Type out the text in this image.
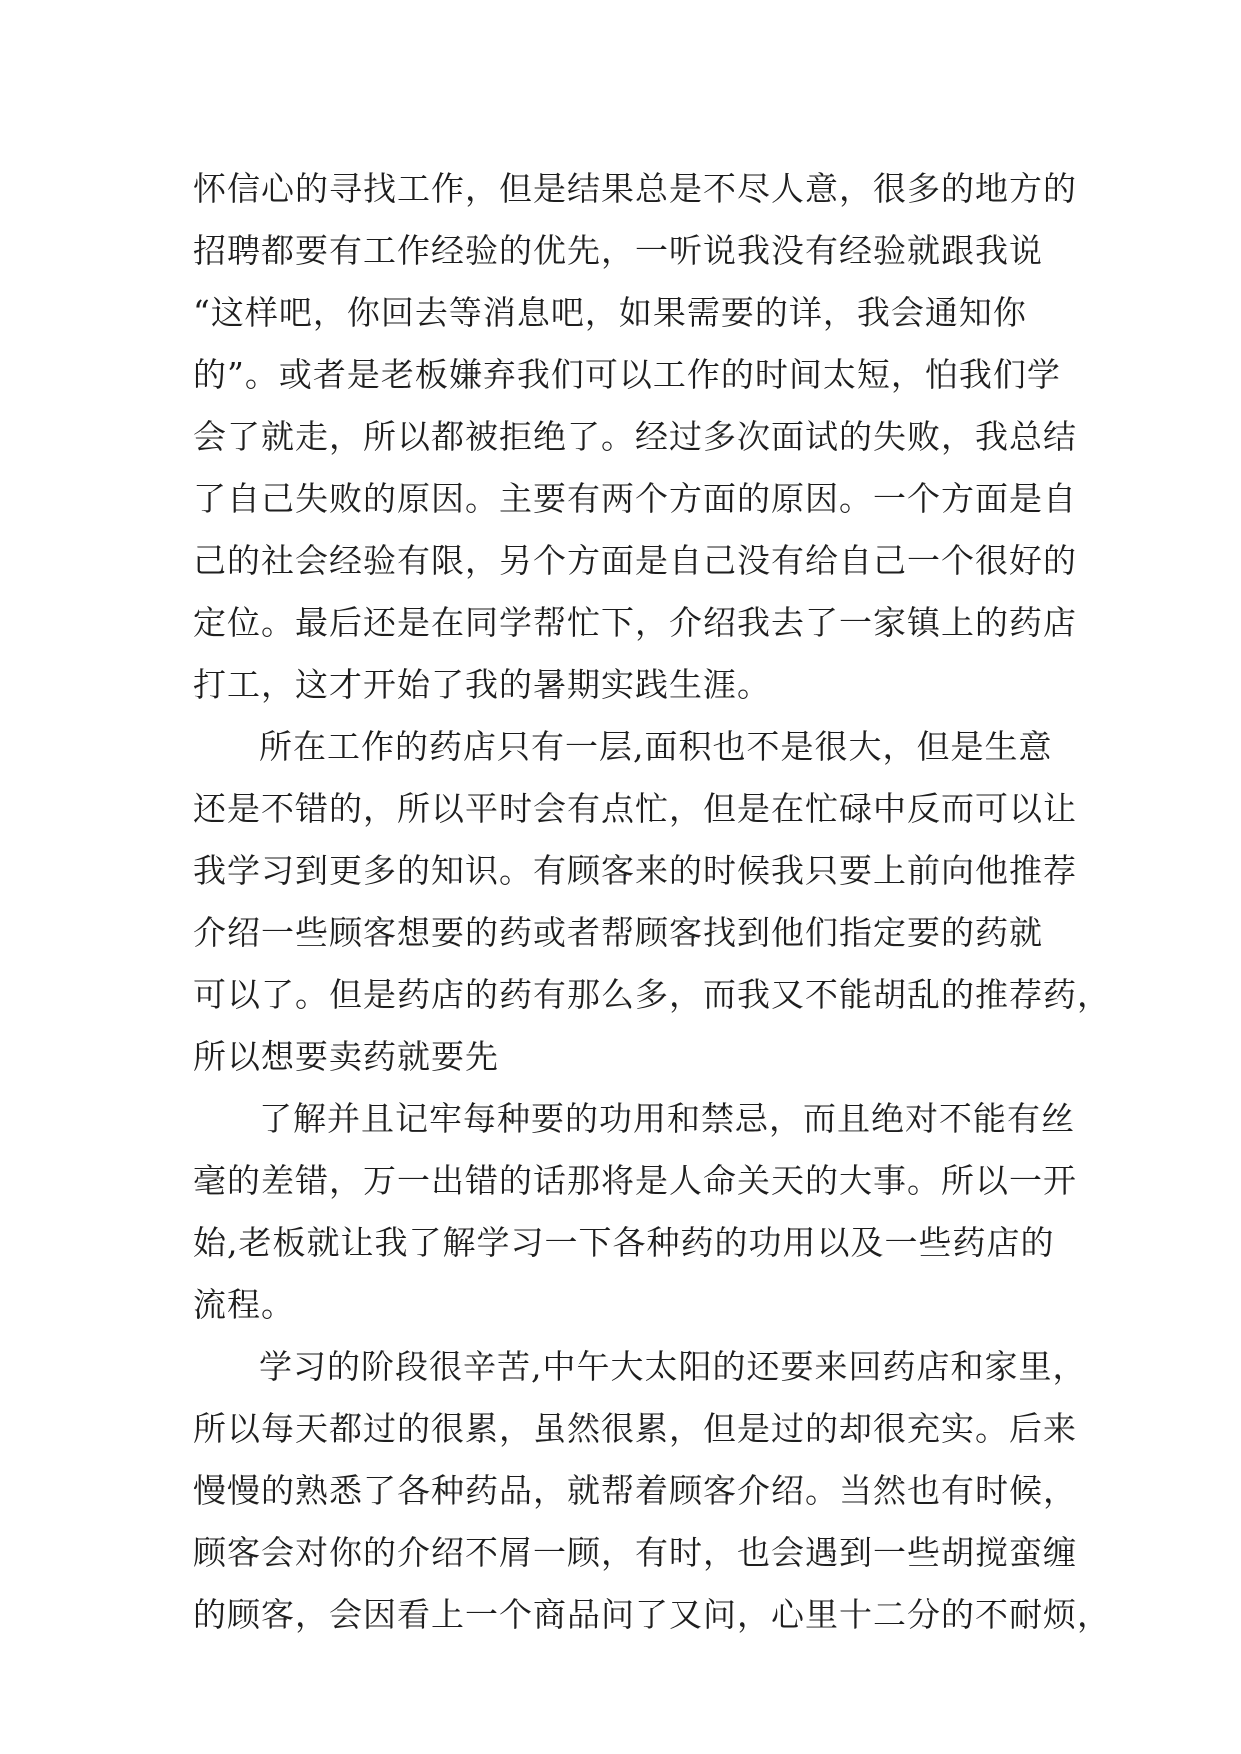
怀信心的寻找工作，但是结果总是不尽人意，很多的地方的
招聘都要有工作经验的优先，一听说我没有经验就跟我说
“这样吧，你回去等消息吧，如果需要的详，我会通知你
的”。或者是老板嫌弃我们可以工作的时间太短，怕我们学
会了就走，所以都被拒绝了。经过多次面试的失败，我总结
了自己失败的原因。主要有两个方面的原因。一个方面是自
己的社会经验有限，另个方面是自己没有给自己一个很好的
定位。最后还是在同学帮忙下，介绍我去了一家镇上的药店
打工，这才开始了我的暑期实践生涯。
所在工作的药店只有一层,面积也不是很大，但是生意
还是不错的，所以平时会有点忙，但是在忙碌中反而可以让
我学习到更多的知识。有顾客来的时候我只要上前向他推荐
介绍一些顾客想要的药或者帮顾客找到他们指定要的药就
可以了。但是药店的药有那么多，而我又不能胡乱的推荐药，
所以想要卖药就要先
了解并且记牢每种要的功用和禁忌，而且绝对不能有丝
毫的差错，万一出错的话那将是人命关天的大事。所以一开
始,老板就让我了解学习一下各种药的功用以及一些药店的
流程。
学习的阶段很辛苦,中午大太阳的还要来回药店和家里，
所以每天都过的很累，虽然很累，但是过的却很充实。后来
慢慢的熟悉了各种药品，就帮着顾客介绍。当然也有时候，
顾客会对你的介绍不屑一顾，有时，也会遇到一些胡搅蛮缠
的顾客，会因看上一个商品问了又问，心里十二分的不耐烦，
